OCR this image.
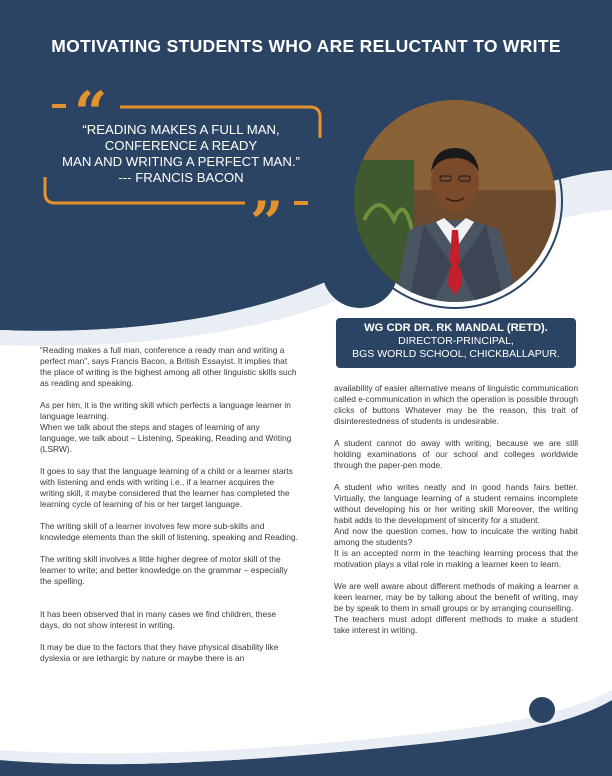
MOTIVATING STUDENTS WHO ARE RELUCTANT TO WRITE
“
”
“READING MAKES A FULL MAN,
CONFERENCE A READY
MAN AND WRITING A PERFECT MAN.”
--- FRANCIS BACON
WG CDR DR. RK MANDAL (RETD).
DIRECTOR-PRINCIPAL,
BGS WORLD SCHOOL, CHICKBALLAPUR.

“Reading makes a full man, conference a ready man and writing a perfect man”, says Francis Bacon, a British Essayist. It implies that the place of writing is the highest among all other linguistic skills such as reading and speaking.

As per him, it is the writing skill which perfects a language learner in language learning.

When we talk about the steps and stages of learning of any language, we talk about – Listening, Speaking, Reading and Writing (LSRW).

It goes to say that the language learning of a child or a learner starts with listening and ends with writing i.e., if a learner acquires the writing skill, it maybe considered that the learner has completed the learning cycle of learning of his or her target language.

The writing skill of a learner involves few more sub-skills and knowledge elements than the skill of listening, speaking and Reading.

The writing skill involves a little higher degree of motor skill of the learner to write; and better knowledge on the grammar – especially the spelling.

It has been observed that in many cases we find children, these days, do not show interest in writing.

It may be due to the factors that they have physical disability like dyslexia or are lethargic by nature or maybe there is an

availability of easier alternative means of linguistic communication called e-communication in which the operation is possible through clicks of buttons Whatever may be the reason, this trait of disinterestedness of students is undesirable.

A student cannot do away with writing, because we are still holding examinations of our school and colleges worldwide through the paper-pen mode.

A student who writes neatly and in good hands fairs better. Virtually, the language learning of a student remains incomplete without developing his or her writing skill Moreover, the writing habit adds to the development of sincerity for a student.

And now the question comes, how to inculcate the writing habit among the students?

It is an accepted norm in the teaching learning process that the motivation plays a vital role in making a learner keen to learn.

We are well aware about different methods of making a learner a keen learner, may be by talking about the benefit of writing, may be by speak to them in small groups or by arranging counselling.

The teachers must adopt different methods to make a student take interest in writing.
